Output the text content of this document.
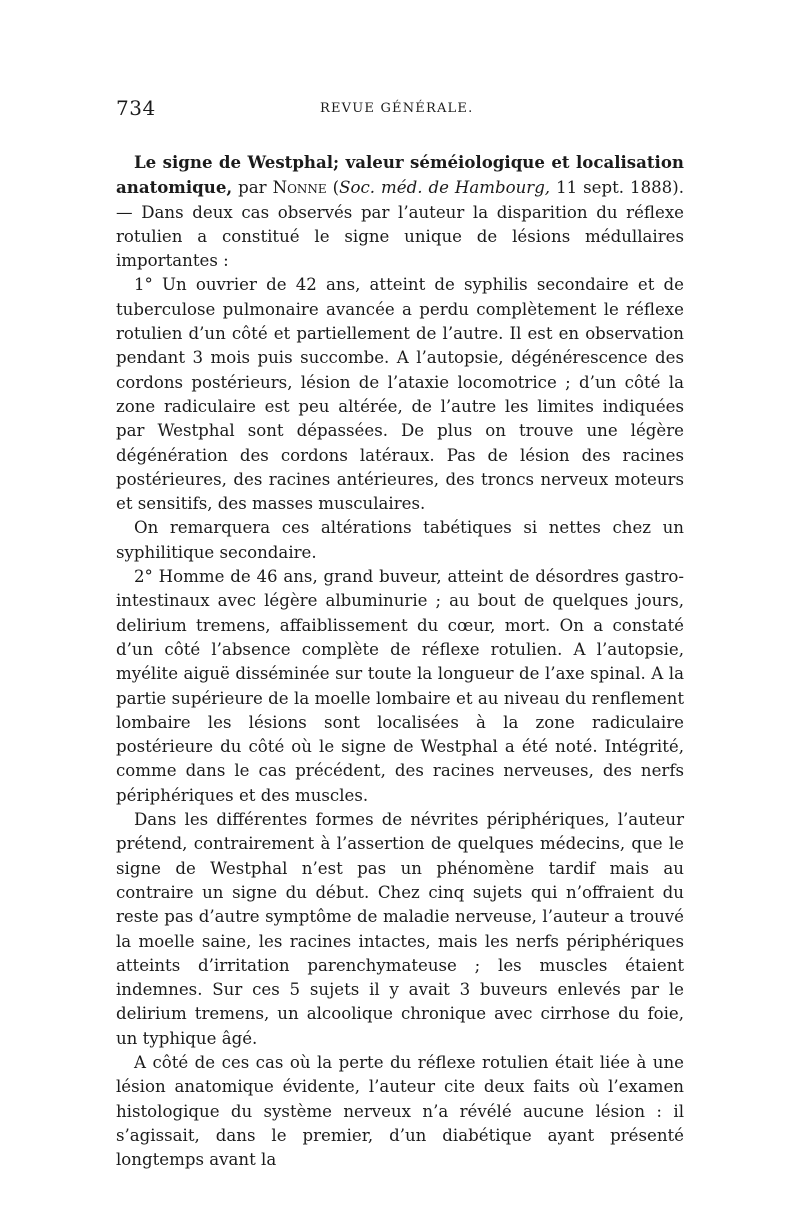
734	REVUE GÉNÉRALE.

Le signe de Westphal; valeur séméiologique et localisation anatomique, par Nonne (Soc. méd. de Hambourg, 11 sept. 1888). — Dans deux cas observés par l’auteur la disparition du réflexe rotulien a constitué le signe unique de lésions médullaires importantes :

1° Un ouvrier de 42 ans, atteint de syphilis secondaire et de tuberculose pulmonaire avancée a perdu complètement le réflexe rotulien d’un côté et partiellement de l’autre. Il est en observation pendant 3 mois puis succombe. A l’autopsie, dégénérescence des cordons postérieurs, lésion de l’ataxie locomotrice ; d’un côté la zone radiculaire est peu altérée, de l’autre les limites indiquées par Westphal sont dépassées. De plus on trouve une légère dégénération des cordons latéraux. Pas de lésion des racines postérieures, des racines antérieures, des troncs nerveux moteurs et sensitifs, des masses musculaires.

On remarquera ces altérations tabétiques si nettes chez un syphilitique secondaire.

2° Homme de 46 ans, grand buveur, atteint de désordres gastro-intestinaux avec légère albuminurie ; au bout de quelques jours, delirium tremens, affaiblissement du cœur, mort. On a constaté d’un côté l’absence complète de réflexe rotulien. A l’autopsie, myélite aiguë disséminée sur toute la longueur de l’axe spinal. A la partie supérieure de la moelle lombaire et au niveau du renflement lombaire les lésions sont localisées à la zone radiculaire postérieure du côté où le signe de Westphal a été noté. Intégrité, comme dans le cas précédent, des racines nerveuses, des nerfs périphériques et des muscles.

Dans les différentes formes de névrites périphériques, l’auteur prétend, contrairement à l’assertion de quelques médecins, que le signe de Westphal n’est pas un phénomène tardif mais au contraire un signe du début. Chez cinq sujets qui n’offraient du reste pas d’autre symptôme de maladie nerveuse, l’auteur a trouvé la moelle saine, les racines intactes, mais les nerfs périphériques atteints d’irritation parenchymateuse ; les muscles étaient indemnes. Sur ces 5 sujets il y avait 3 buveurs enlevés par le delirium tremens, un alcoolique chronique avec cirrhose du foie, un typhique âgé.

A côté de ces cas où la perte du réflexe rotulien était liée à une lésion anatomique évidente, l’auteur cite deux faits où l’examen histologique du système nerveux n’a révélé aucune lésion : il s’agissait, dans le premier, d’un diabétique ayant présenté longtemps avant la
